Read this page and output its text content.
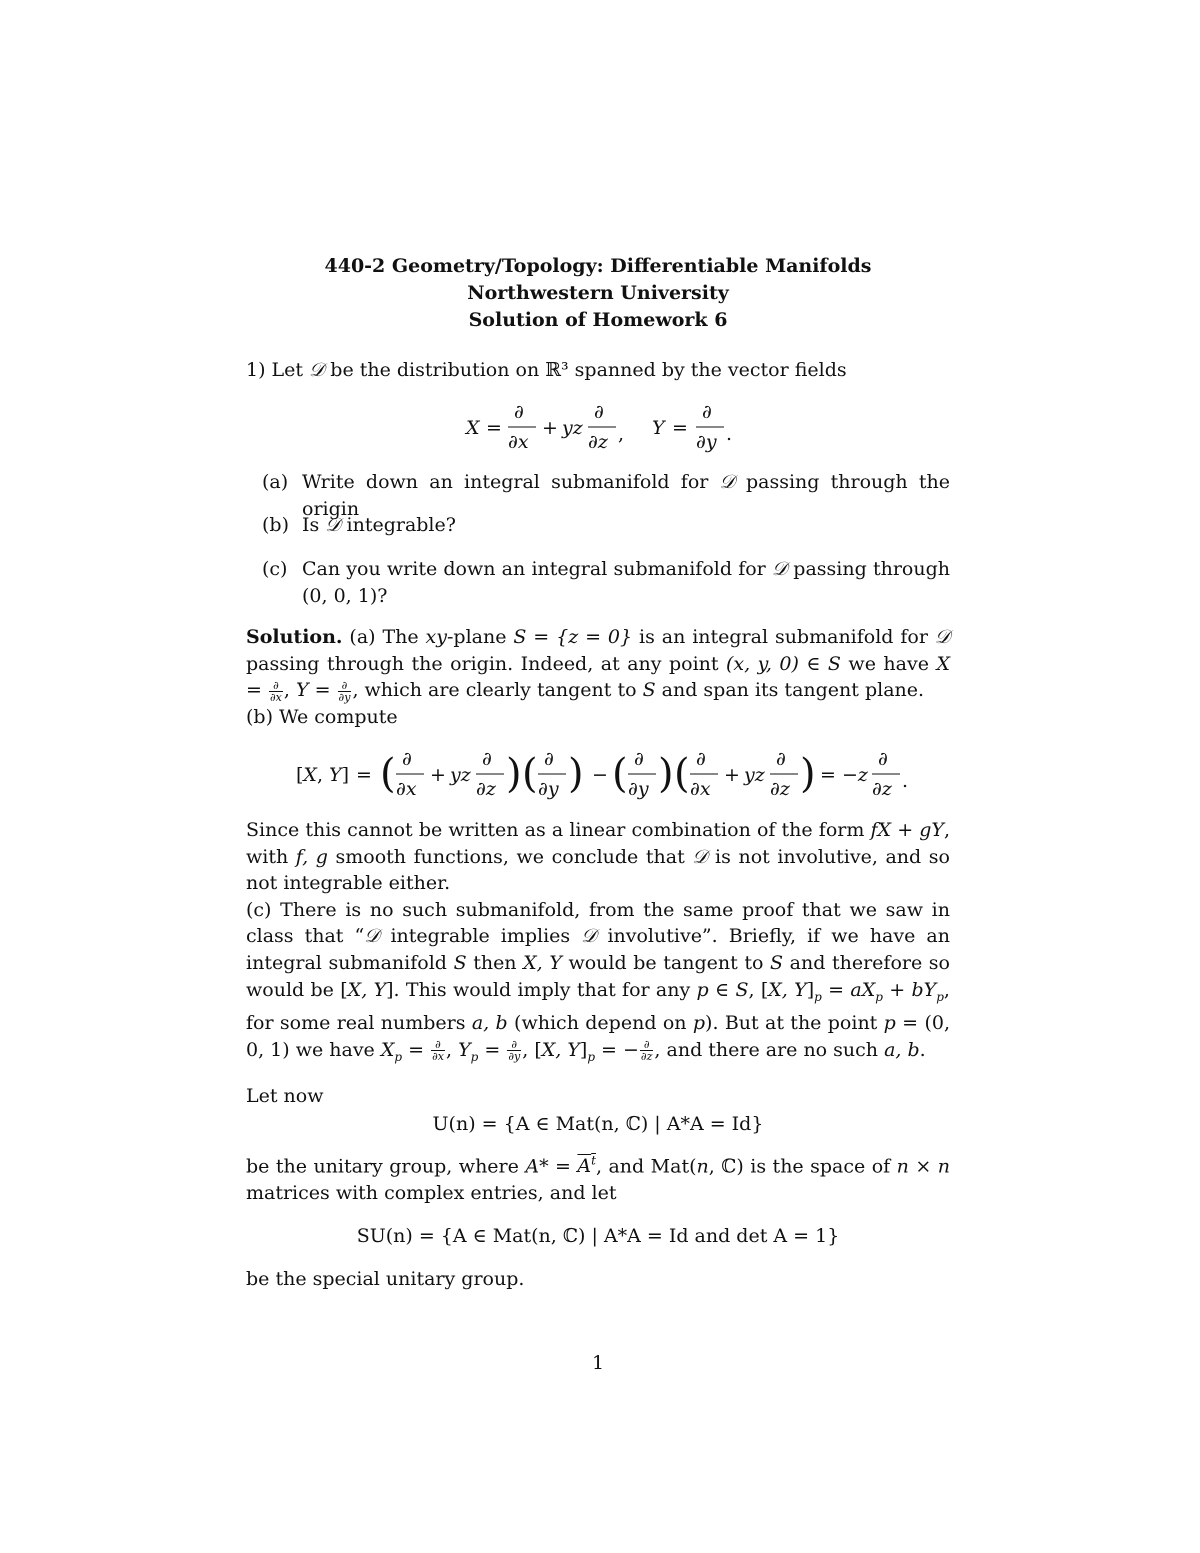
440-2 Geometry/Topology: Differentiable Manifolds
Northwestern University
Solution of Homework 6
1) Let 𝒟 be the distribution on ℝ³ spanned by the vector fields
X =
∂
∂x
+ yz
∂
∂z , Y =
∂
∂y .
(a) Write down an integral submanifold for 𝒟 passing through the origin
(b) Is 𝒟 integrable?
(c) Can you write down an integral submanifold for 𝒟 passing through (0, 0, 1)?
Solution. (a) The xy-plane S = {z = 0} is an integral submanifold for 𝒟 passing through the origin. Indeed, at any point (x, y, 0) ∈ S we have X = ∂
∂x , Y = ∂
∂y , which are clearly tangent to S and span its tangent plane.
(b) We compute
[X, Y] = ( ∂
∂x
+ yz
∂
∂z ) ( ∂
∂y ) − ( ∂
∂y ) ( ∂
∂x
+ yz
∂
∂z ) = −z
∂
∂z .
Since this cannot be written as a linear combination of the form fX + gY, with f, g smooth functions, we conclude that 𝒟 is not involutive, and so not integrable either.
(c) There is no such submanifold, from the same proof that we saw in class that “𝒟 integrable implies 𝒟 involutive”. Briefly, if we have an integral submanifold S then X, Y would be tangent to S and therefore so would be [X, Y]. This would imply that for any p ∈ S, [X, $Y]_p = aX_p + bY_p$, for some real numbers a, b (which depend on p). But at the point p = (0, 0, 1) we have $X_p$ = ∂
∂x , $Y_p$ = ∂
∂y , [X, $Y]_p$ = − ∂
∂z , and there are no such a, b.
Let now
U(n) = {A ∈ Mat(n, ℂ) | A*A = Id}
be the unitary group, where $A* = A^t$, and Mat(n, ℂ) is the space of n × n matrices with complex entries, and let
SU(n) = {A ∈ Mat(n, ℂ) | A*A = Id and det A = 1}
be the special unitary group.
1
